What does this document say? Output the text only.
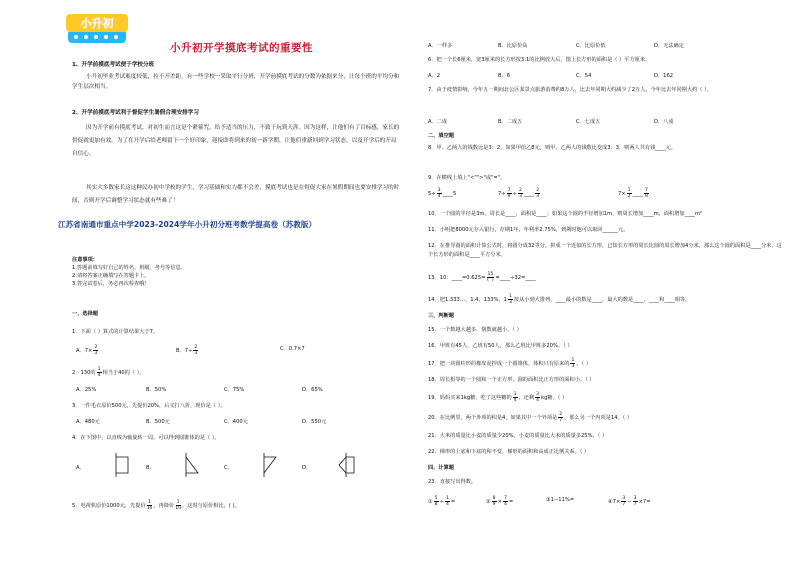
小升初
小升初开学摸底考试的重要性
1、开学前摸底考试便于学校分班
小升初毕业考试难度较低，拉不开差距。有一些学校一采取平行分班，开学前摸底考试的分数为依据来分，让每个班的平均分和学生层次相当。
2、开学前摸底考试利于督促学生暑假合理安排学习
因为开学前有摸底考试，对初生而言这是个紧箍咒，给予适当的压力，不致于玩到天涯。因为这样，让他们有了目标感，家长的督促就更加有效。为了在开学后给老师留下一个好印象，迎接即将到来的初一新学期，让他们重新回到学习状态，以及开学后的开局自信心。
其实大多数家长这这种民办初中学校的学生，学习基础和实力都不会差，摸底考试也是在督促大家在暑假期间也要安排学习的时间，否则开学后调整学习状态就有些难了！
江苏省南通市重点中学2023-2024学年小升初分班考数学提高卷（苏教版）
注意事项：
1.答题前填写好自己的姓名、班级、考号等信息。
2.请将答案正确填写在答题卡上。
3.答完试卷后，务必再次检查哦！
一、选择题
1．下面（ ）算式的计算结果大于7。
A．$7\times \frac{2}{3}$	B．$7\div \frac{2}{3}$	C．0.7×7
2．130的 $\frac{1}{4}$ 相当于40的（ ）。
A．25%	B．50%	C．75%	D．65%
3．一件毛衣原价500元，先提价20%，后又打八折，现价是（ ）。
A．480元	B．500元	C．400元	D．550元
4．在下图中，以直线为轴旋转一周，可以得到圆锥体的是（ ）。
A．	B．	C．	D．
5．电视机原价1000元，先提价 $\frac{1}{10}$ ，再降价 $\frac{1}{10}$ ，这时与原价相比，( )。
A．一样多	B．比原价高	C．比原价低	D．无法确定
6．把一个长6厘米，宽3厘米的长方形按3:1的比例放大后，图上长方形的面积是（ ）平方厘米。
A．2	B．6	C．54	D．162
7．由于疫情影响，今年五一期间北公区某景点旅游消费约8万人，比去年同期大约减少了2万人，今年比去年同期大约（ ）。
A．二成	B．二成五	C．七成五	D．八成
二、填空题
8．甲、乙两人的钱数比是3：2，如果甲给乙8元，则甲、乙两人的钱数比变成3：3，则两人共有钱____元。
9．在横线上填上"<"">"或"="。
$5\div \frac{3}{4}$ ____5	$7\div \frac{7}{9} \div \frac{2}{3}$ ____ $\frac{2}{3}$	$7\times \frac{1}{2}$ ____ $\frac{7}{8}$
10．一个圆的半径是3m，周长是____，面积是____；如果这个圆的半径增加1m，则周长增加____m，面积增加____m²
11．小明把8000元存入银行，存期1年，年利率2.75%，到期时他可以取回______元。
12．在推导圆的面积计算公式时，将圆分成32等分，拼成一个近似的长方形，已知长方形的周长比圆的周长增加4分米，那么这个圆的面积是____分米，这个长方形的面积是____平方分米。
13．10：____=0.625= $\frac{15}{( )}$ =____÷32=____
14．把1.333…、1.4、133%、$1 \frac{1}{3}$ 按从小到大排列，____最小的数是____，最大的数是____，____和____相等。
三、判断题
15．一个数越大越多，倒数就越小。（ ）
16．甲班有45人，乙班有50人，那么乙班比甲班多20%。（ ）
17．把一块圆柱形的橡皮泥捏成一个圆锥体，体积只有原来的 $\frac{1}{3}$ 。（ ）
18．周长相等的一个圆和一个正方形，圆的面积比正方形的面积小。（ ）
19．妈妈买来1kg糖，吃了这些糖的 $\frac{1}{4}$ ，还剩 $\frac{3}{4}$ kg糖。（ ）
20．在比例里，两个外项的积是4，如果其中一个外项是 $\frac{2}{7}$ ，那么另一个内项是14。（ ）
21．大米的质量比小麦的质量少20%，小麦的质量比大米的质量多25%。（ ）
22．梯形的上底和下底的和不变，梯形的面积和高成正比例关系。（ ）
四、计算题
23．直接写出得数。
① $\frac{5}{8} \div \frac{1}{4}$ =	② $\frac{8}{9} \times \frac{7}{4}$ =	③1−11%=	④7× $\frac{3}{7} - \frac{3}{7} \times 7=$
